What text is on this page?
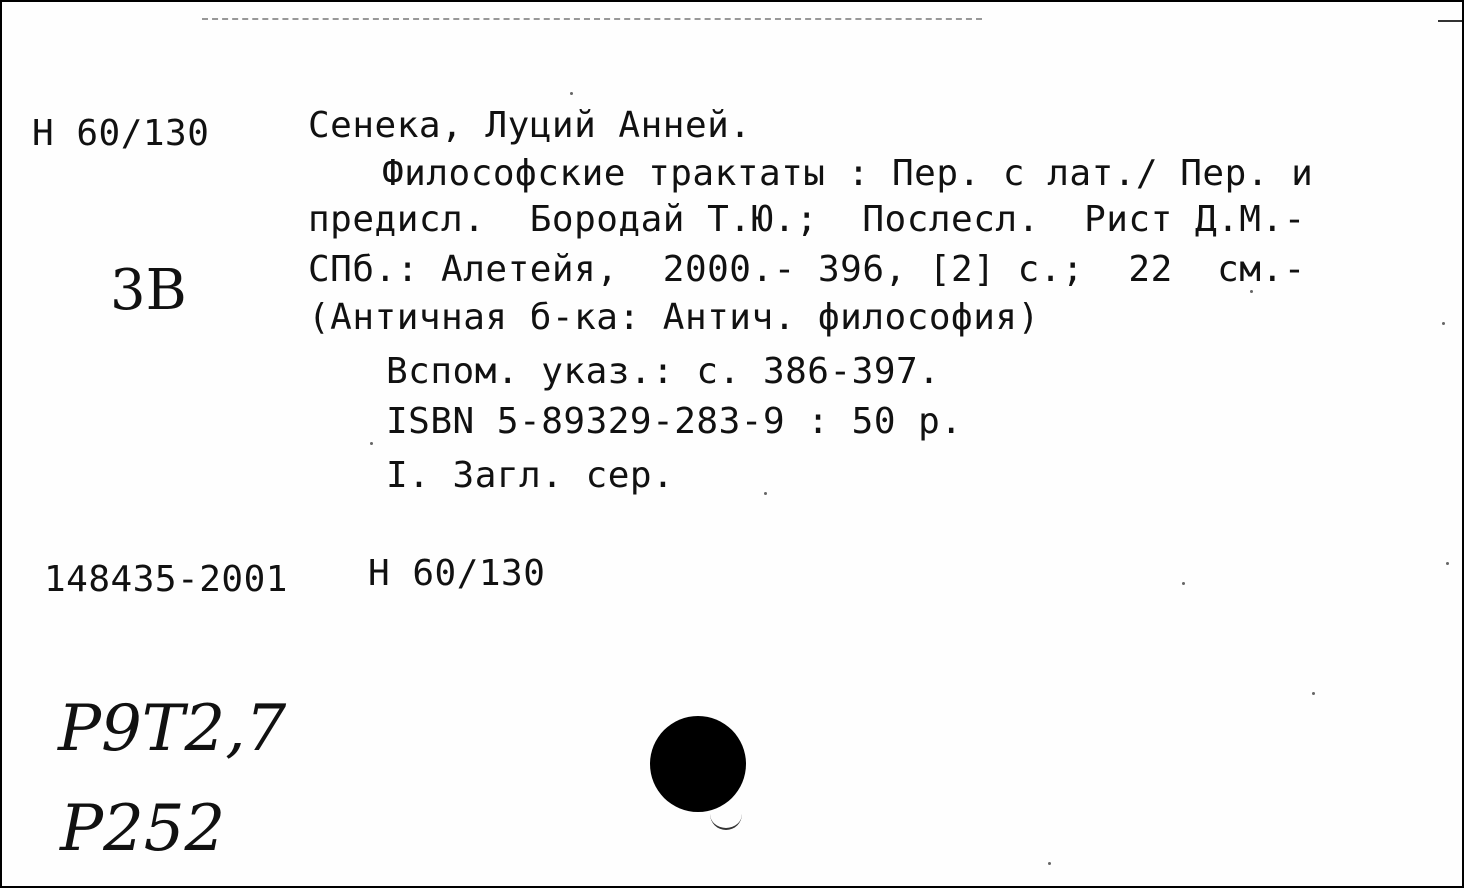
Н 60/130
3В
Сенека, Луций Анней.
Философские трактаты : Пер. с лат./ Пер. и
предисл.  Бородай Т.Ю.;  Послесл.  Рист Д.М.-
СПб.: Алетейя,  2000.- 396, [2] с.;  22  см.-
(Античная б-ка: Антич. философия)
Вспом. указ.: с. 386-397.
ISBN 5-89329-283-9 : 50 р.
I. Загл. сер.
148435-2001 Н 60/130
Р9Т2,7
Р252
